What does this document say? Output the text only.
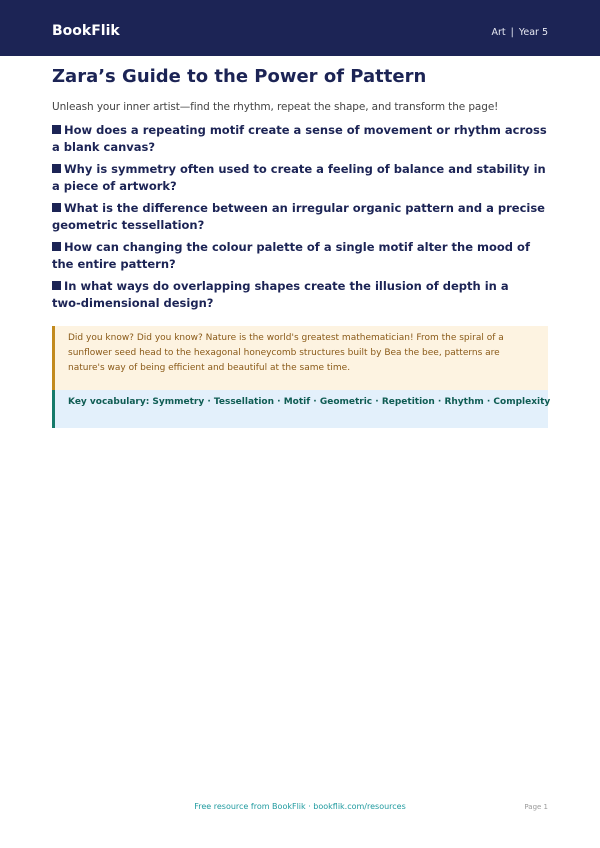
BookFlik	Art | Year 5
Zara’s Guide to the Power of Pattern
Unleash your inner artist—find the rhythm, repeat the shape, and transform the page!
How does a repeating motif create a sense of movement or rhythm across a blank canvas?
Why is symmetry often used to create a feeling of balance and stability in a piece of artwork?
What is the difference between an irregular organic pattern and a precise geometric tessellation?
How can changing the colour palette of a single motif alter the mood of the entire pattern?
In what ways do overlapping shapes create the illusion of depth in a
two-dimensional design?
Did you know? Did you know? Nature is the world's greatest mathematician! From the spiral of a sunflower seed head to the hexagonal honeycomb structures built by Bea the bee, patterns are nature's way of being efficient and beautiful at the same time.
Key vocabulary: Symmetry · Tessellation · Motif · Geometric · Repetition · Rhythm · Complexity
Free resource from BookFlik · bookflik.com/resources	Page 1
